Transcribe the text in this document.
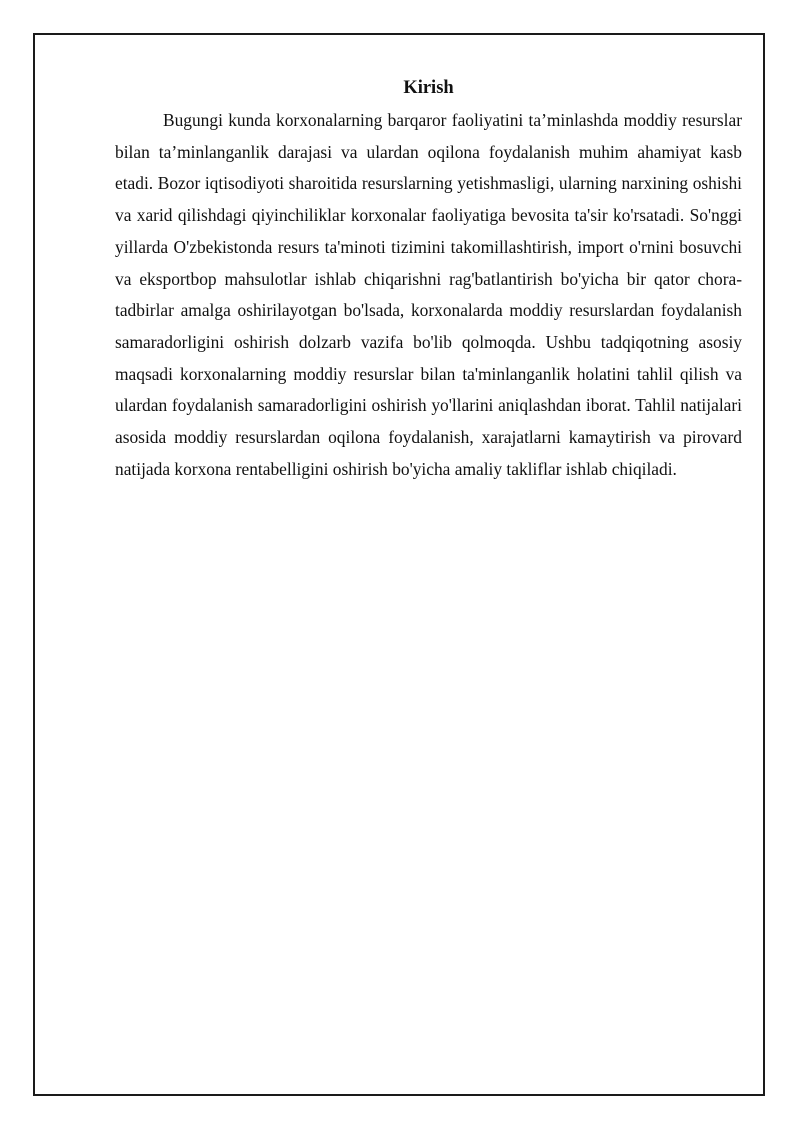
Kirish

Bugungi kunda korxonalarning barqaror faoliyatini ta’minlashda moddiy resurslar bilan ta’minlanganlik darajasi va ulardan oqilona foydalanish muhim ahamiyat kasb etadi. Bozor iqtisodiyoti sharoitida resurslarning yetishmasligi, ularning narxining oshishi va xarid qilishdagi qiyinchiliklar korxonalar faoliyatiga bevosita ta'sir ko'rsatadi. So'nggi yillarda O'zbekistonda resurs ta'minoti tizimini takomillashtirish, import o'rnini bosuvchi va eksportbop mahsulotlar ishlab chiqarishni rag'batlantirish bo'yicha bir qator chora-tadbirlar amalga oshirilayotgan bo'lsada, korxonalarda moddiy resurslardan foydalanish samaradorligini oshirish dolzarb vazifa bo'lib qolmoqda. Ushbu tadqiqotning asosiy maqsadi korxonalarning moddiy resurslar bilan ta'minlanganlik holatini tahlil qilish va ulardan foydalanish samaradorligini oshirish yo'llarini aniqlashdan iborat. Tahlil natijalari asosida moddiy resurslardan oqilona foydalanish, xarajatlarni kamaytirish va pirovard natijada korxona rentabelligini oshirish bo'yicha amaliy takliflar ishlab chiqiladi.
